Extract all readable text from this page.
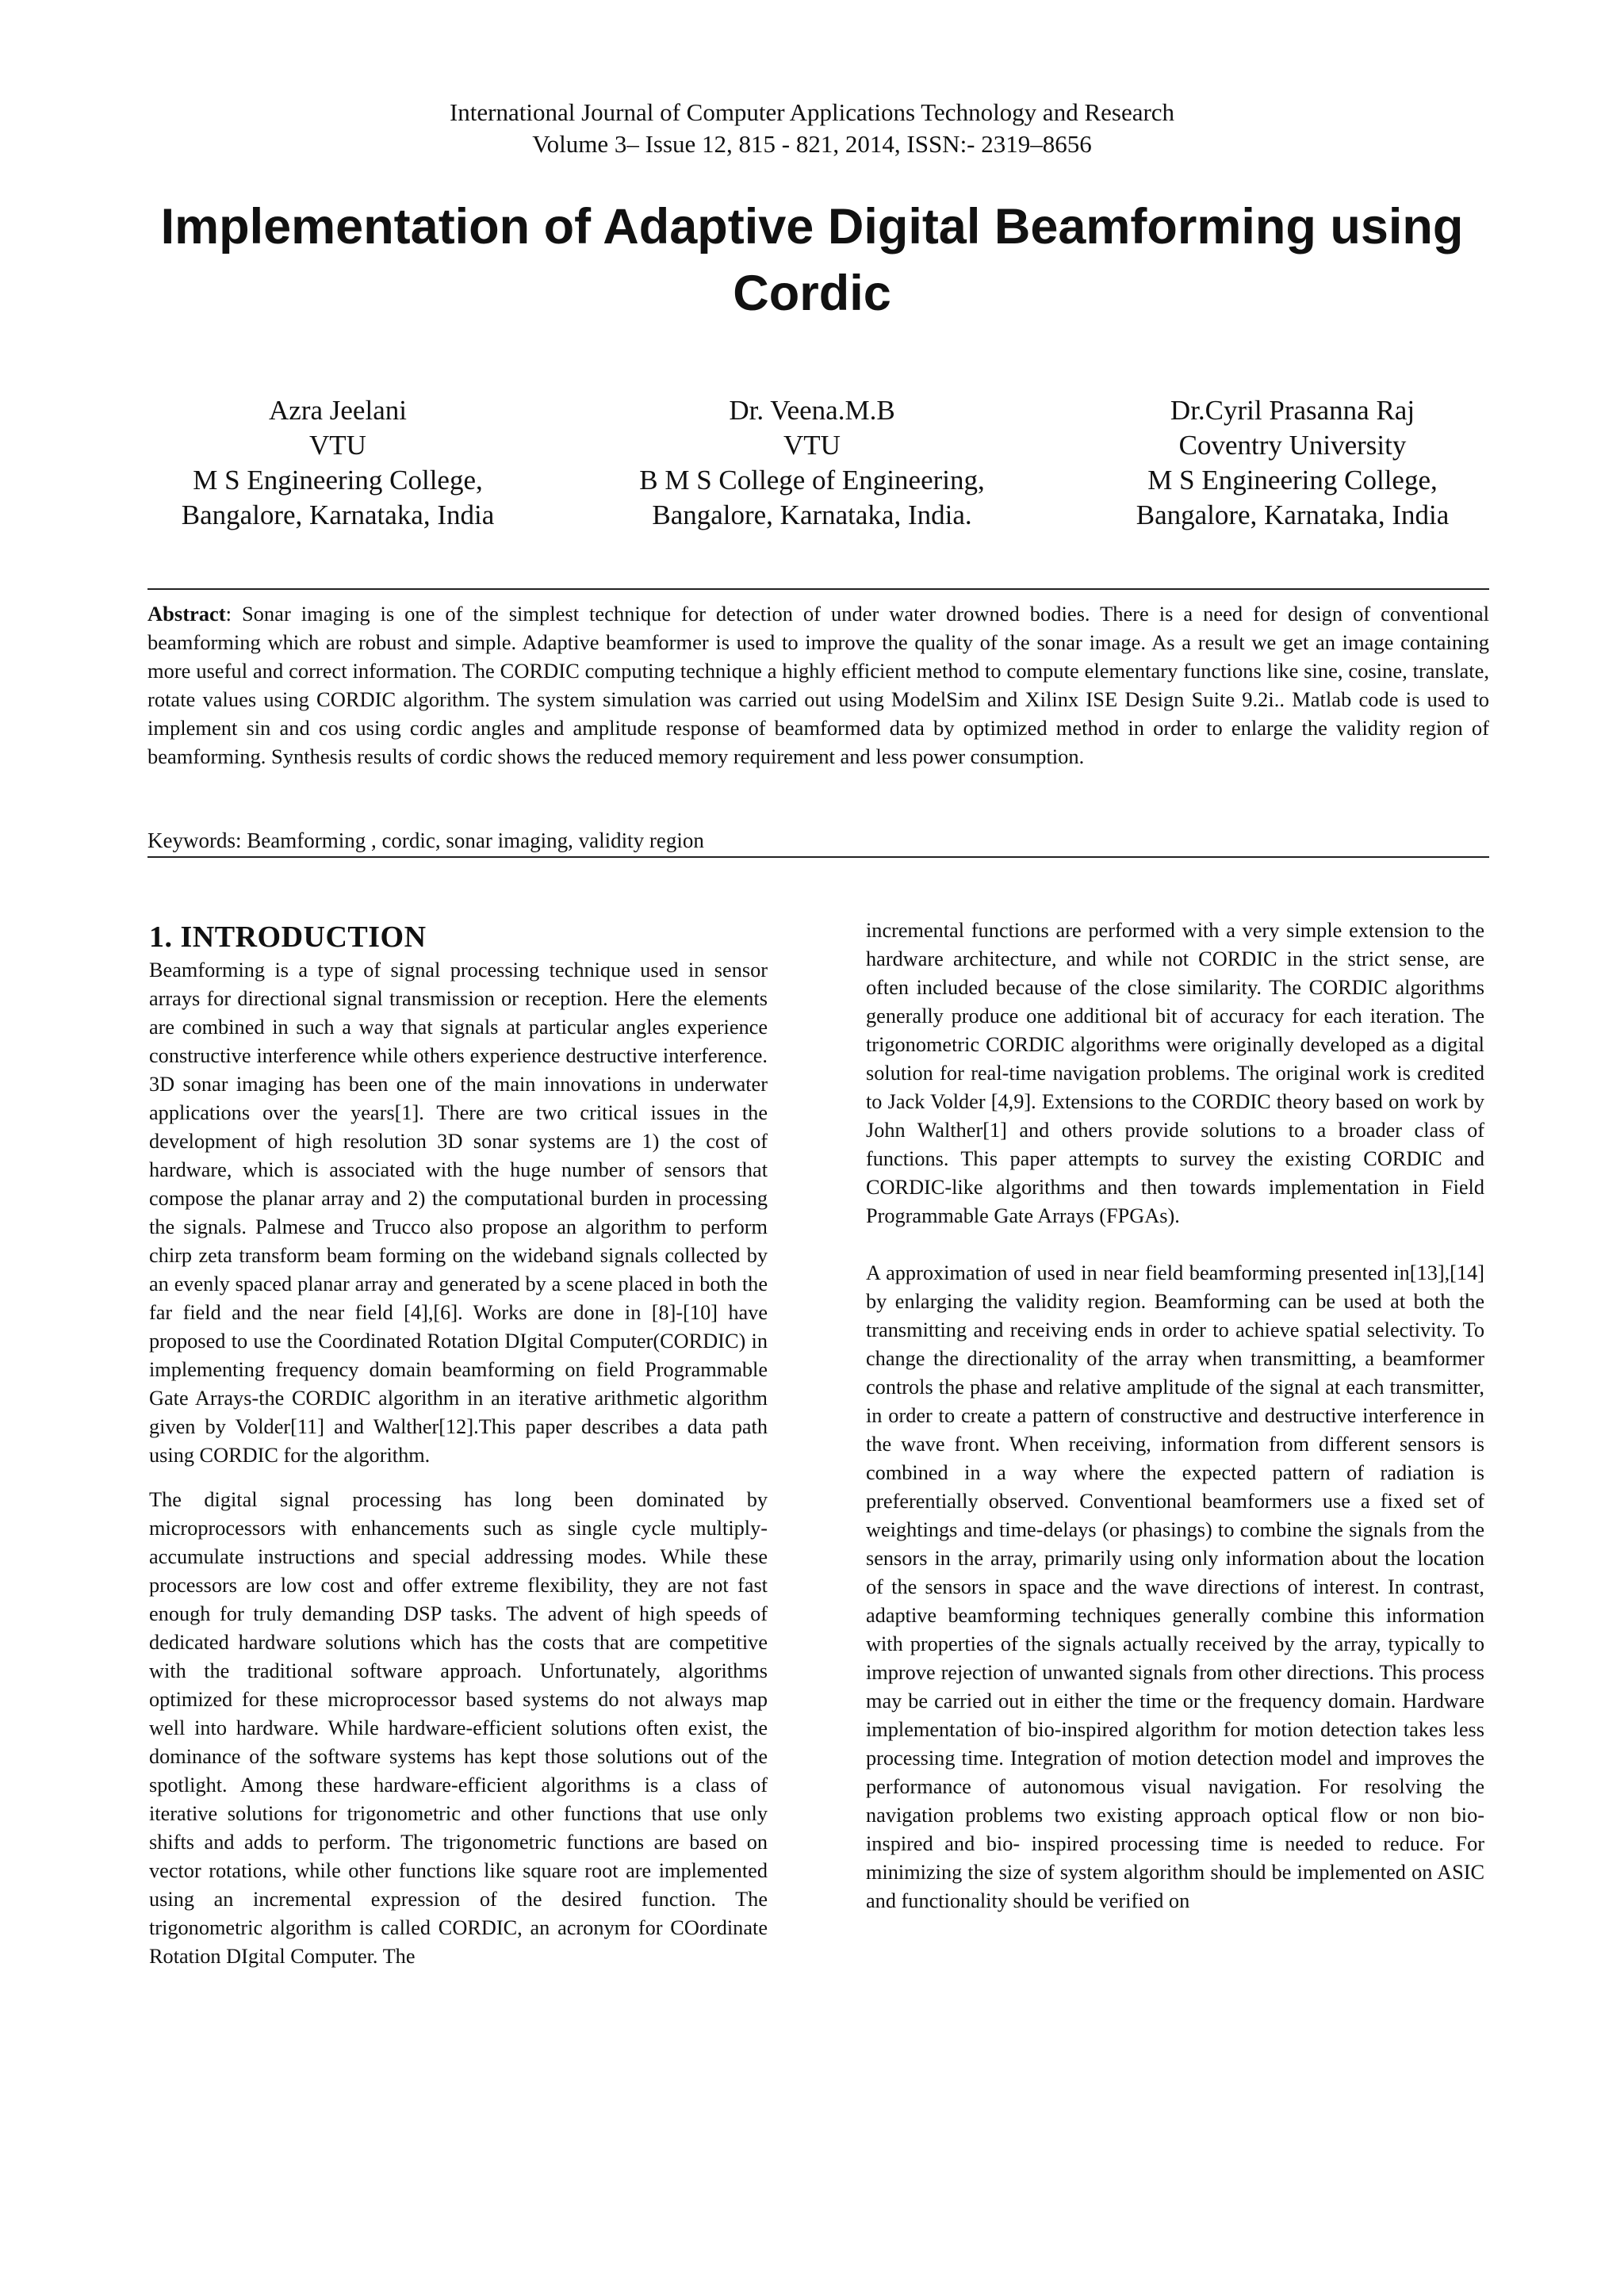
International Journal of Computer Applications Technology and Research
Volume 3– Issue 12, 815 - 821, 2014, ISSN:- 2319–8656
Implementation of Adaptive Digital Beamforming using Cordic
Azra Jeelani
VTU
M S Engineering College,
Bangalore, Karnataka, India
Dr. Veena.M.B
VTU
B M S College of Engineering,
Bangalore, Karnataka, India.
Dr.Cyril Prasanna Raj
Coventry University
M S Engineering College,
Bangalore, Karnataka, India

Abstract: Sonar imaging is one of the simplest technique for detection of under water drowned bodies. There is a need for design of conventional beamforming which are robust and simple. Adaptive beamformer is used to improve the quality of the sonar image. As a result we get an image containing more useful and correct information. The CORDIC computing technique a highly efficient method to compute elementary functions like sine, cosine, translate, rotate values using CORDIC algorithm. The system simulation was carried out using ModelSim and Xilinx ISE Design Suite 9.2i.. Matlab code is used to implement sin and cos using cordic angles and amplitude response of beamformed data by optimized method in order to enlarge the validity region of beamforming. Synthesis results of cordic shows the reduced memory requirement and less power consumption.

Keywords: Beamforming , cordic, sonar imaging, validity region

1. INTRODUCTION

Beamforming is a type of signal processing technique used in sensor arrays for directional signal transmission or reception. Here the elements are combined in such a way that signals at particular angles experience constructive interference while others experience destructive interference. 3D sonar imaging has been one of the main innovations in underwater applications over the years[1]. There are two critical issues in the development of high resolution 3D sonar systems are 1) the cost of hardware, which is associated with the huge number of sensors that compose the planar array and 2) the computational burden in processing the signals. Palmese and Trucco also propose an algorithm to perform chirp zeta transform beam forming on the wideband signals collected by an evenly spaced planar array and generated by a scene placed in both the far field and the near field [4],[6]. Works are done in [8]-[10] have proposed to use the Coordinated Rotation DIgital Computer(CORDIC) in implementing frequency domain beamforming on field Programmable Gate Arrays-the CORDIC algorithm in an iterative arithmetic algorithm given by Volder[11] and Walther[12].This paper describes a data path using CORDIC for the algorithm.

The digital signal processing has long been dominated by microprocessors with enhancements such as single cycle multiply-accumulate instructions and special addressing modes. While these processors are low cost and offer extreme flexibility, they are not fast enough for truly demanding DSP tasks. The advent of high speeds of dedicated hardware solutions which has the costs that are competitive with the traditional software approach. Unfortunately, algorithms optimized for these microprocessor based systems do not always map well into hardware. While hardware-efficient solutions often exist, the dominance of the software systems has kept those solutions out of the spotlight. Among these hardware-efficient algorithms is a class of iterative solutions for trigonometric and other functions that use only shifts and adds to perform. The trigonometric functions are based on vector rotations, while other functions like square root are implemented using an incremental expression of the desired function. The trigonometric algorithm is called CORDIC, an acronym for COordinate Rotation DIgital Computer. The

incremental functions are performed with a very simple extension to the hardware architecture, and while not CORDIC in the strict sense, are often included because of the close similarity. The CORDIC algorithms generally produce one additional bit of accuracy for each iteration. The trigonometric CORDIC algorithms were originally developed as a digital solution for real-time navigation problems. The original work is credited to Jack Volder [4,9]. Extensions to the CORDIC theory based on work by John Walther[1] and others provide solutions to a broader class of functions. This paper attempts to survey the existing CORDIC and CORDIC-like algorithms and then towards implementation in Field Programmable Gate Arrays (FPGAs).

A approximation of used in near field beamforming presented in[13],[14] by enlarging the validity region. Beamforming can be used at both the transmitting and receiving ends in order to achieve spatial selectivity. To change the directionality of the array when transmitting, a beamformer controls the phase and relative amplitude of the signal at each transmitter, in order to create a pattern of constructive and destructive interference in the wave front. When receiving, information from different sensors is combined in a way where the expected pattern of radiation is preferentially observed. Conventional beamformers use a fixed set of weightings and time-delays (or phasings) to combine the signals from the sensors in the array, primarily using only information about the location of the sensors in space and the wave directions of interest. In contrast, adaptive beamforming techniques generally combine this information with properties of the signals actually received by the array, typically to improve rejection of unwanted signals from other directions. This process may be carried out in either the time or the frequency domain. Hardware implementation of bio-inspired algorithm for motion detection takes less processing time. Integration of motion detection model and improves the performance of autonomous visual navigation. For resolving the navigation problems two existing approach optical flow or non bio-inspired and bio- inspired processing time is needed to reduce. For minimizing the size of system algorithm should be implemented on ASIC and functionality should be verified on
